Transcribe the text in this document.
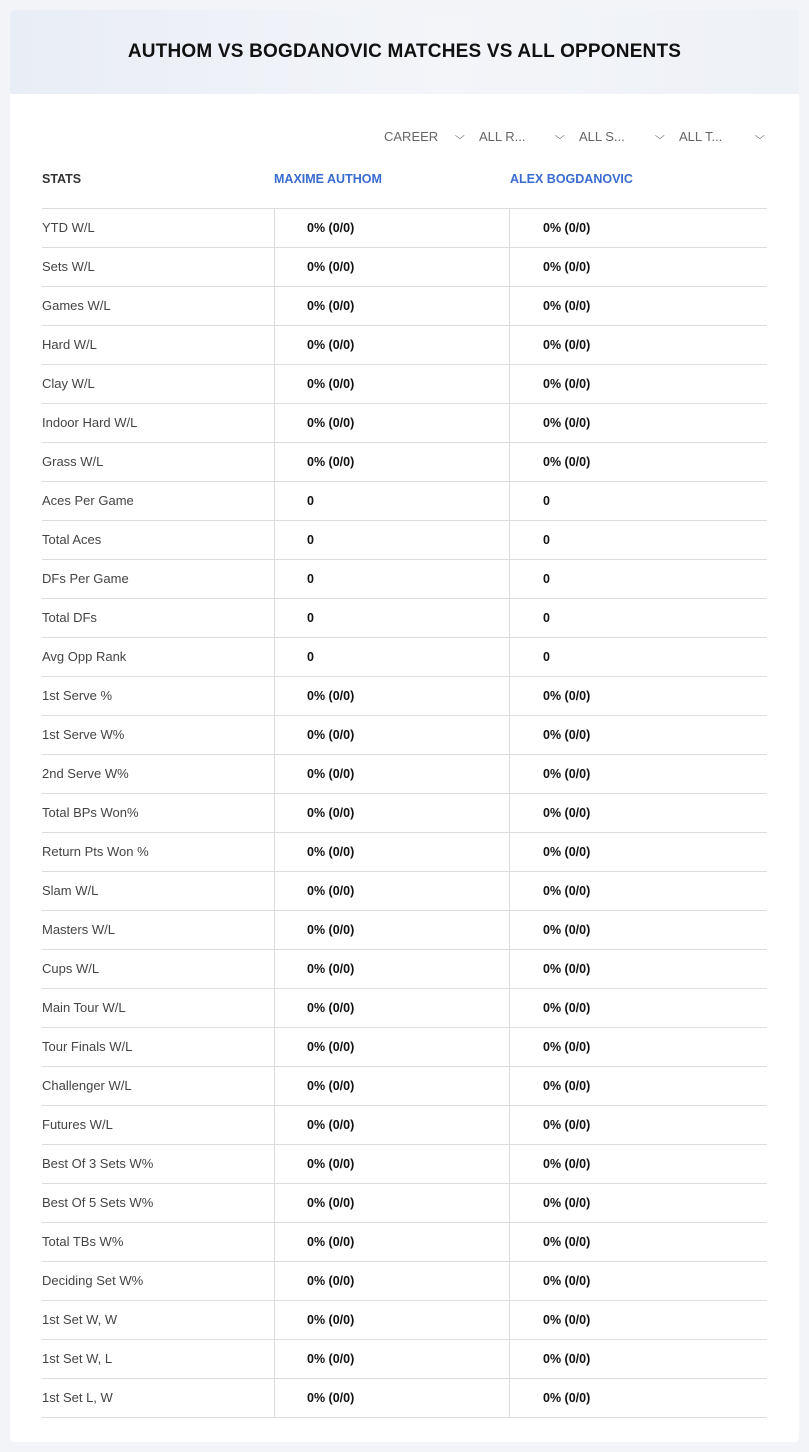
AUTHOM VS BOGDANOVIC MATCHES VS ALL OPPONENTS
CAREER ⌵ ALL R...	⌵ ALL S...	⌵ ALL T...	⌵
STATS	MAXIME AUTHOM	ALEX BOGDANOVIC
YTD W/L	0% (0/0)	0% (0/0)
Sets W/L	0% (0/0)	0% (0/0)
Games W/L	0% (0/0)	0% (0/0)
Hard W/L	0% (0/0)	0% (0/0)
Clay W/L	0% (0/0)	0% (0/0)
Indoor Hard W/L	0% (0/0)	0% (0/0)
Grass W/L	0% (0/0)	0% (0/0)
Aces Per Game	0	0
Total Aces	0	0
DFs Per Game	0	0
Total DFs	0	0
Avg Opp Rank	0	0
1st Serve %	0% (0/0)	0% (0/0)
1st Serve W%	0% (0/0)	0% (0/0)
2nd Serve W%	0% (0/0)	0% (0/0)
Total BPs Won%	0% (0/0)	0% (0/0)
Return Pts Won %	0% (0/0)	0% (0/0)
Slam W/L	0% (0/0)	0% (0/0)
Masters W/L	0% (0/0)	0% (0/0)
Cups W/L	0% (0/0)	0% (0/0)
Main Tour W/L	0% (0/0)	0% (0/0)
Tour Finals W/L	0% (0/0)	0% (0/0)
Challenger W/L	0% (0/0)	0% (0/0)
Futures W/L	0% (0/0)	0% (0/0)
Best Of 3 Sets W%	0% (0/0)	0% (0/0)
Best Of 5 Sets W%	0% (0/0)	0% (0/0)
Total TBs W%	0% (0/0)	0% (0/0)
Deciding Set W%	0% (0/0)	0% (0/0)
1st Set W, W	0% (0/0)	0% (0/0)
1st Set W, L	0% (0/0)	0% (0/0)
1st Set L, W	0% (0/0)	0% (0/0)
